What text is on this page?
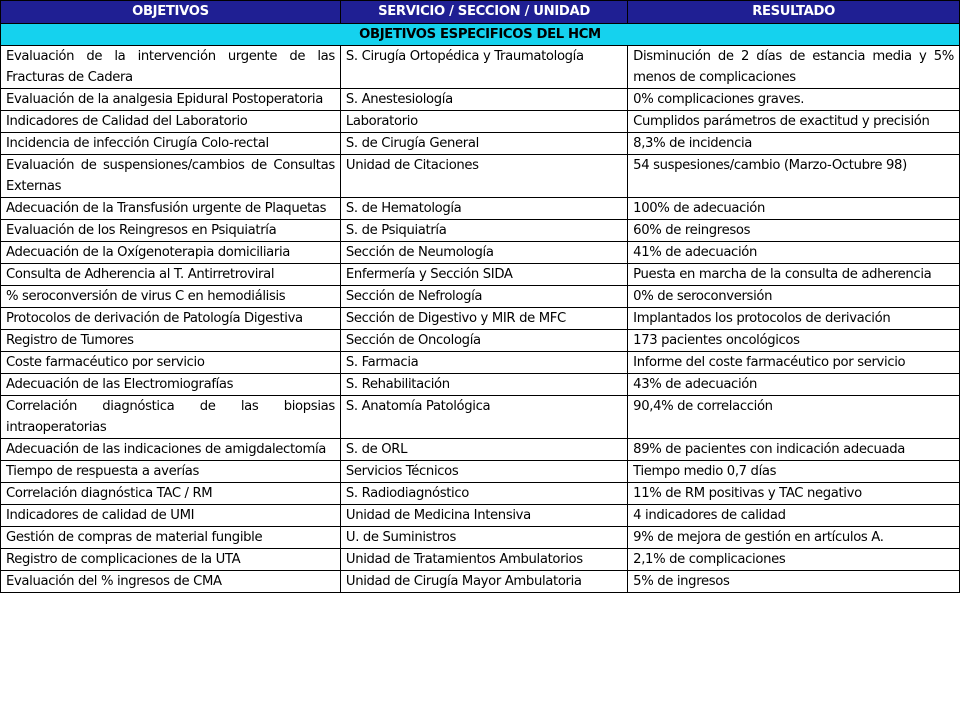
OBJETIVOS	SERVICIO / SECCION / UNIDAD	RESULTADO
OBJETIVOS ESPECIFICOS DEL HCM		
Evaluación de la intervención urgente de las Fracturas de Cadera	S. Cirugía Ortopédica y Traumatología	Disminución de 2 días de estancia media y 5% menos de complicaciones
Evaluación de la analgesia Epidural Postoperatoria	S. Anestesiología	0% complicaciones graves.
Indicadores de Calidad del Laboratorio	Laboratorio	Cumplidos parámetros de exactitud y precisión
Incidencia de infección Cirugía Colo-rectal	S. de Cirugía General	8,3% de incidencia
Evaluación de suspensiones/cambios de Consultas Externas	Unidad de Citaciones	54 suspesiones/cambio (Marzo-Octubre 98)
Adecuación de la Transfusión urgente de Plaquetas	S. de Hematología	100% de adecuación
Evaluación de los Reingresos en Psiquiatría	S. de Psiquiatría	60% de reingresos
Adecuación de la Oxígenoterapia domiciliaria	Sección de Neumología	41% de adecuación
Consulta de Adherencia al T. Antirretroviral	Enfermería y Sección SIDA	Puesta en marcha de la consulta de adherencia
% seroconversión de virus C en hemodiálisis	Sección de Nefrología	0% de seroconversión
Protocolos de derivación de Patología Digestiva	Sección de Digestivo y MIR de MFC	Implantados los protocolos de derivación
Registro de Tumores	Sección de Oncología	173 pacientes oncológicos
Coste farmacéutico por servicio	S. Farmacia	Informe del coste farmacéutico por servicio
Adecuación de las Electromiografías	S. Rehabilitación	43% de adecuación
Correlación diagnóstica de las biopsias intraoperatorias	S. Anatomía Patológica	90,4% de correlacción
Adecuación de las indicaciones de amigdalectomía	S. de ORL	89% de pacientes con indicación adecuada
Tiempo de respuesta a averías	Servicios Técnicos	Tiempo medio 0,7 días
Correlación diagnóstica TAC / RM	S. Radiodiagnóstico	11% de RM positivas y TAC negativo
Indicadores de calidad de UMI	Unidad de Medicina Intensiva	4 indicadores de calidad
Gestión de compras de material fungible	U. de Suministros	9% de mejora de gestión en artículos A.
Registro de complicaciones de la UTA	Unidad de Tratamientos Ambulatorios	2,1% de complicaciones
Evaluación del % ingresos de CMA	Unidad de Cirugía Mayor Ambulatoria	5% de ingresos
